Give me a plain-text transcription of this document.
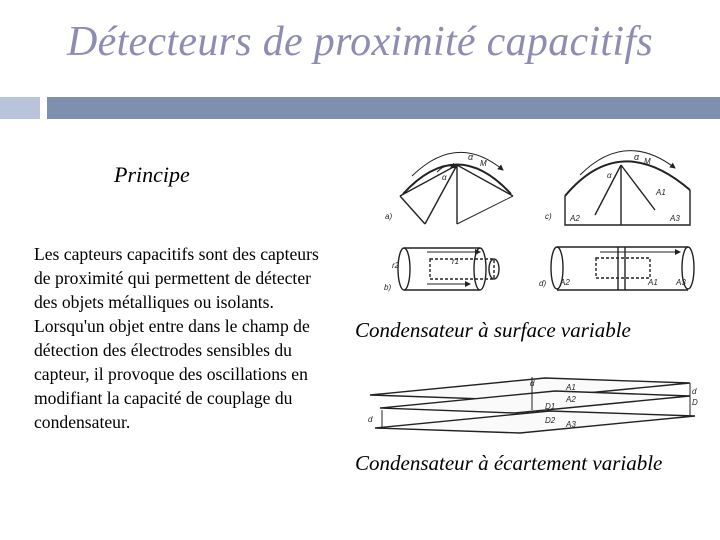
Détecteurs de proximité capacitifs
Principe
Les capteurs capacitifs sont des capteurs de proximité qui permettent de détecter des objets métalliques ou isolants. Lorsqu'un objet entre dans le champ de détection des électrodes sensibles du capteur, il provoque des oscillations en modifiant la capacité de couplage du condensateur.
Condensateur à surface variable
Condensateur à écartement variable
α
M
α
a)
α M
α
A1
A2	A3
c)
r2
b)
r1
A2	A1 A3
d)
d	A1
A2
A3
D1
D2
d
D
d
